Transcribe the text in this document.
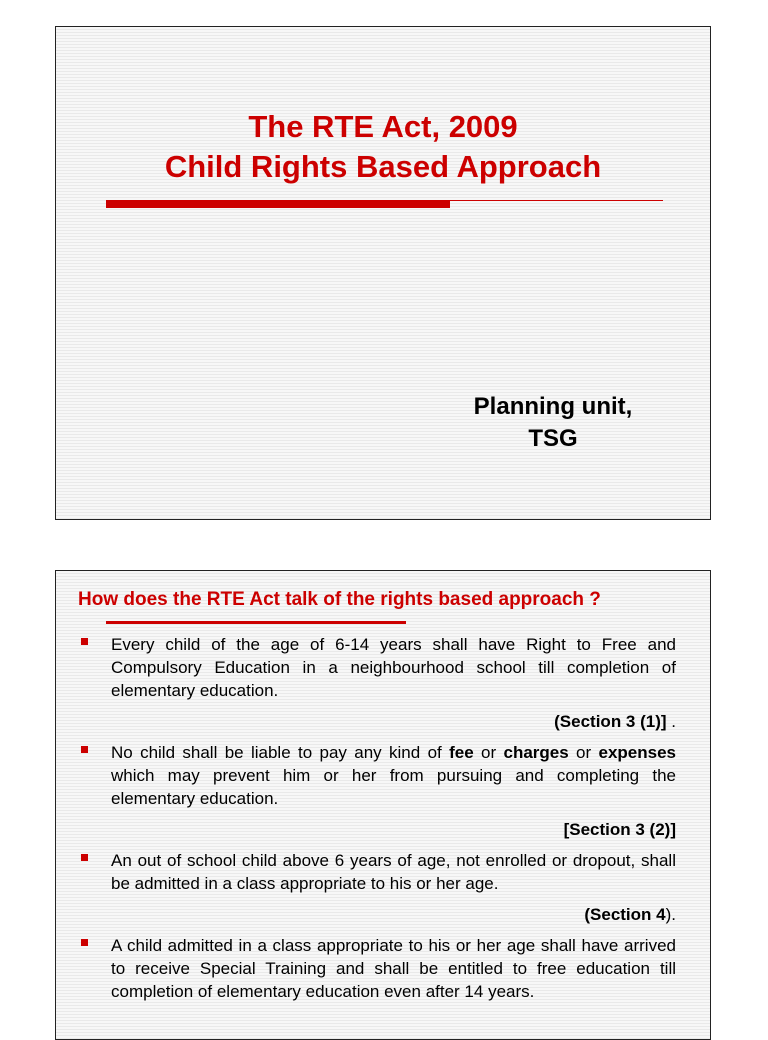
The RTE Act, 2009
Child Rights Based Approach
Planning unit,
TSG
How does the RTE Act talk of the rights based approach ?

Every child of the age of 6-14 years shall have Right to Free and Compulsory Education in a neighbourhood school till completion of elementary education.

(Section 3 (1)] .

No child shall be liable to pay any kind of fee or charges or expenses which may prevent him or her from pursuing and completing the elementary education.

[Section 3 (2)]

An out of school child above 6 years of age, not enrolled or dropout, shall be admitted in a class appropriate to his or her age.

(Section 4).

A child admitted in a class appropriate to his or her age shall have arrived to receive Special Training and shall be entitled to free education till completion of elementary education even after 14 years.
